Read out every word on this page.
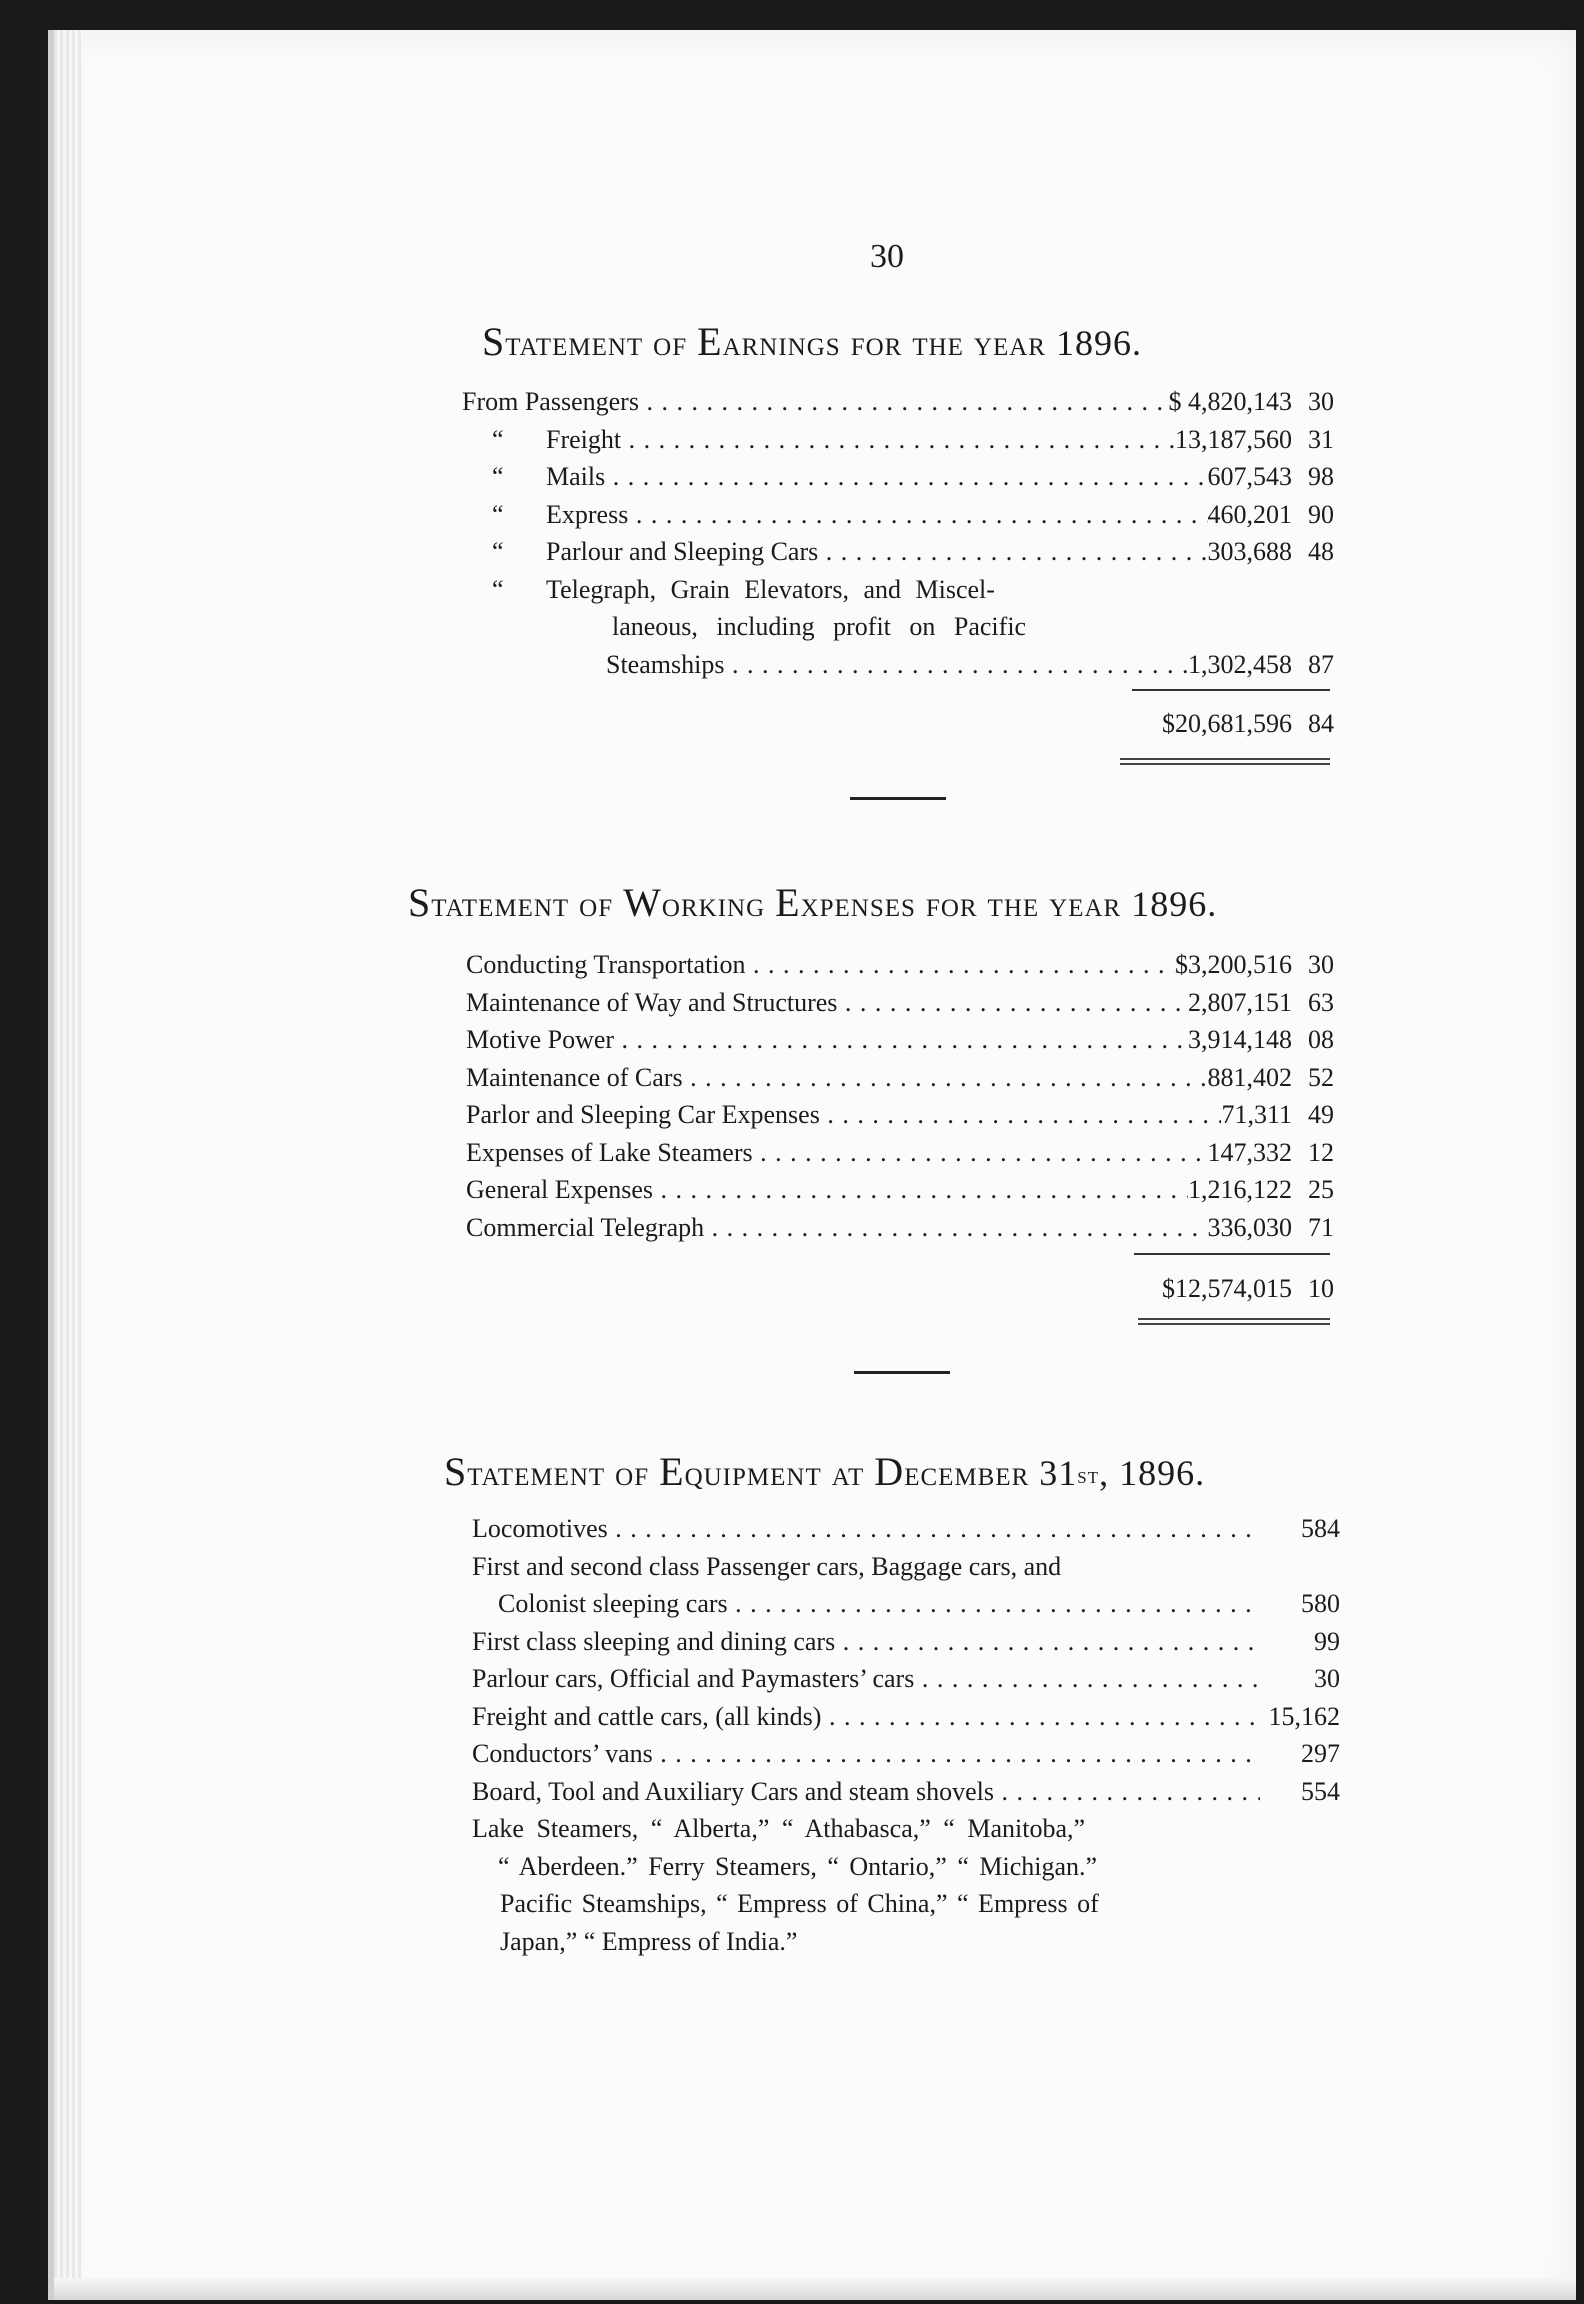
30
Statement of Earnings for the year 1896.
From Passengers . . .	$ 4,820,143 30
“	Freight . . .	13,187,560 31
“	Mails . . .	607,543 98
“	Express . . .	460,201 90
“	Parlour and Sleeping Cars . . .	303,688 48
“	Telegraph, Grain Elevators, and Miscel-
laneous, including profit on Pacific
Steamships . . .	1,302,458 87
$20,681,596 84
Statement of Working Expenses for the year 1896.
Conducting Transportation . . .	$3,200,516 30
Maintenance of Way and Structures . . .	2,807,151 63
Motive Power . . .	3,914,148 08
Maintenance of Cars . . .	881,402 52
Parlor and Sleeping Car Expenses . . .	71,311 49
Expenses of Lake Steamers . . .	147,332 12
General Expenses . . .	1,216,122 25
Commercial Telegraph . . .	336,030 71
$12,574,015 10
Statement of Equipment at December 31st, 1896.
Locomotives . . .	584
First and second class Passenger cars, Baggage cars, and
Colonist sleeping cars . . .	580
First class sleeping and dining cars . . .	99
Parlour cars, Official and Paymasters’ cars . . .	30
Freight and cattle cars, (all kinds) . . .	15,162
Conductors’ vans . . .	297
Board, Tool and Auxiliary Cars and steam shovels . . .	554
Lake Steamers, “ Alberta,” “ Athabasca,” “ Manitoba,”
“ Aberdeen.” Ferry Steamers, “ Ontario,” “ Michigan.”
Pacific Steamships, “ Empress of China,” “ Empress of
Japan,” “ Empress of India.”
